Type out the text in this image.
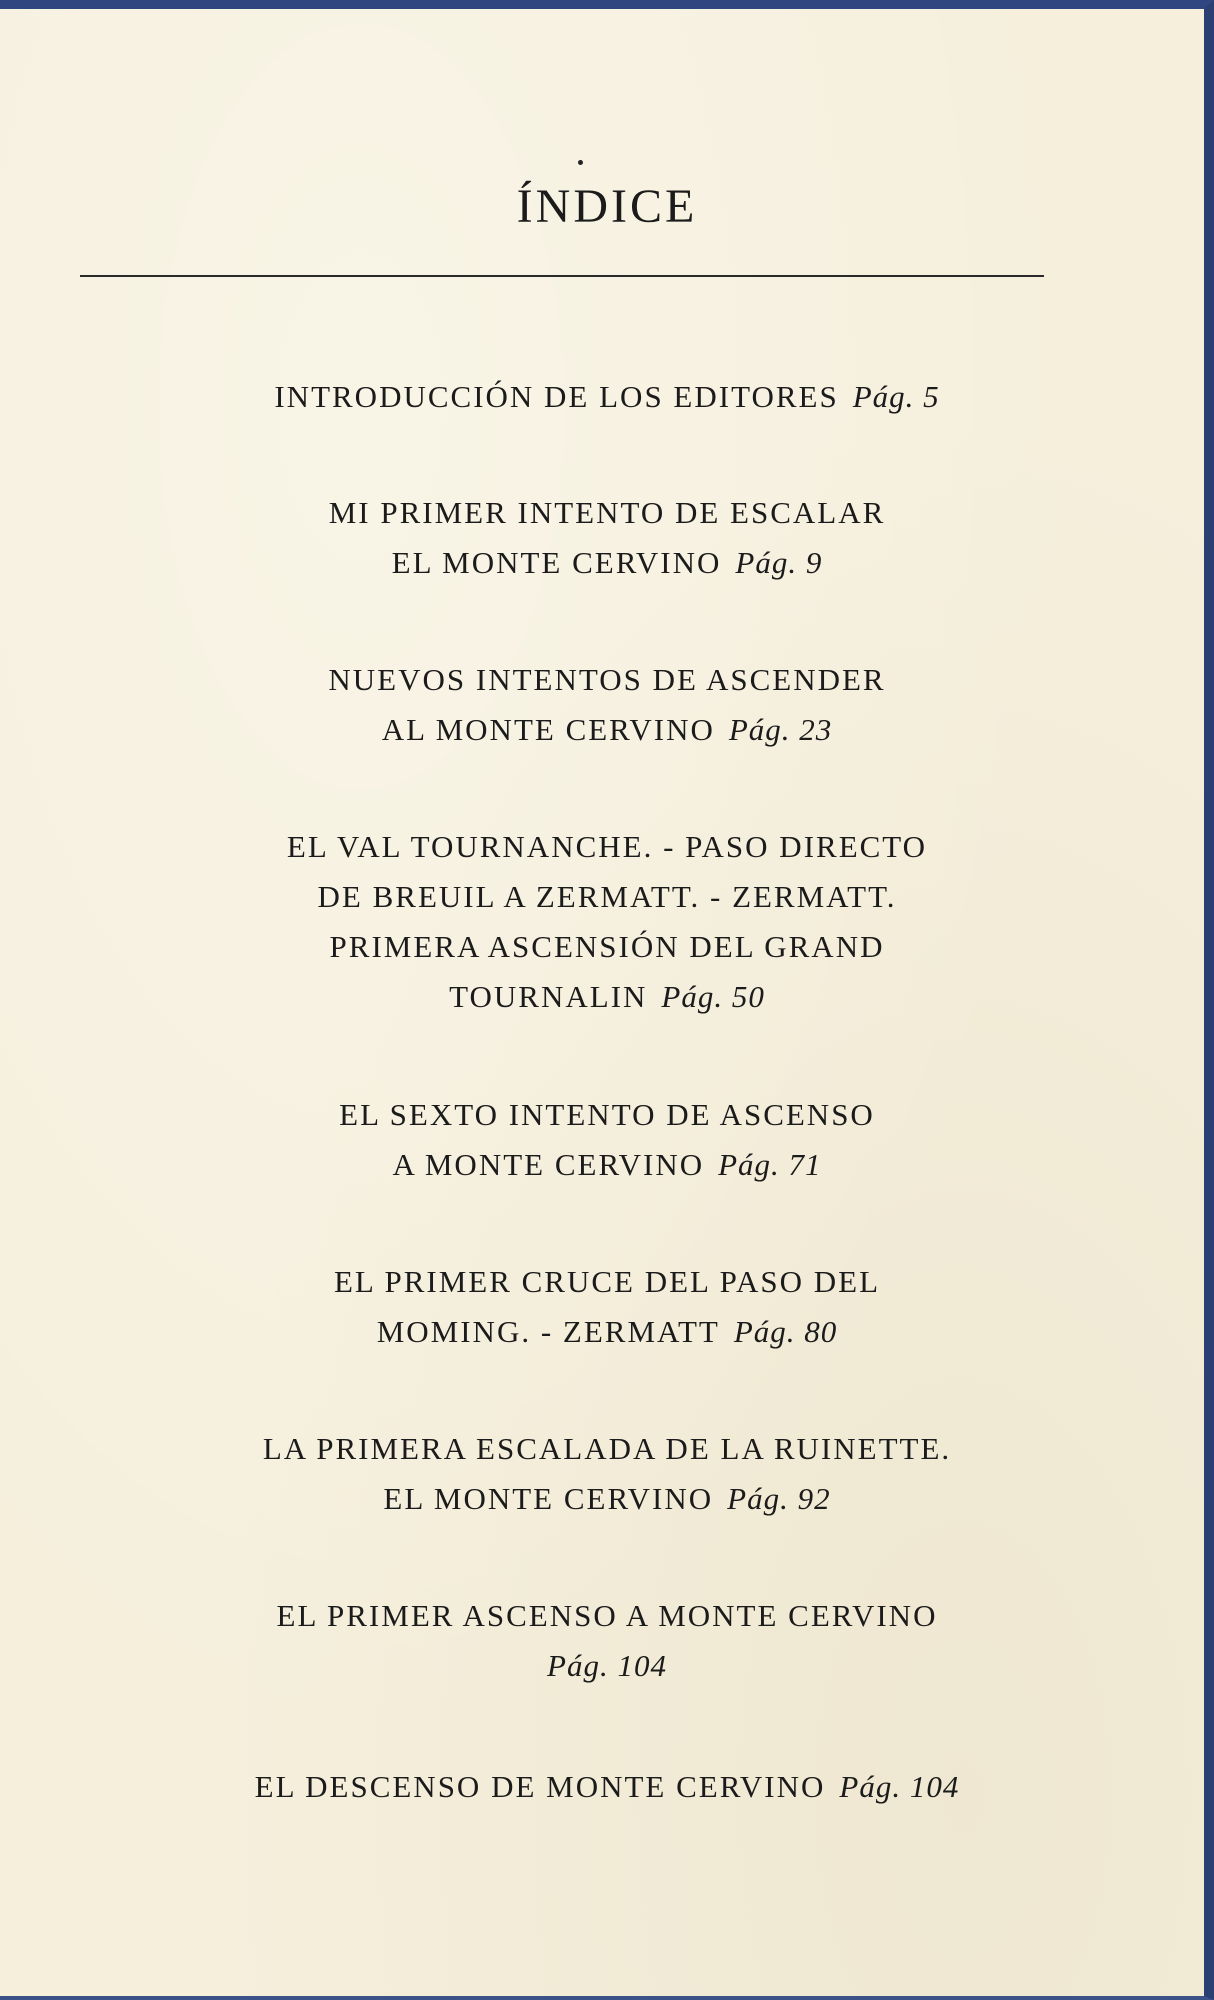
ÍNDICE
INTRODUCCIÓN DE LOS EDITORES Pág. 5
MI PRIMER INTENTO DE ESCALAR
EL MONTE CERVINO Pág. 9
NUEVOS INTENTOS DE ASCENDER
AL MONTE CERVINO Pág. 23
EL VAL TOURNANCHE. - PASO DIRECTO
DE BREUIL A ZERMATT. - ZERMATT.
PRIMERA ASCENSIÓN DEL GRAND
TOURNALIN Pág. 50
EL SEXTO INTENTO DE ASCENSO
A MONTE CERVINO Pág. 71
EL PRIMER CRUCE DEL PASO DEL
MOMING. - ZERMATT Pág. 80
LA PRIMERA ESCALADA DE LA RUINETTE.
EL MONTE CERVINO Pág. 92
EL PRIMER ASCENSO A MONTE CERVINO
Pág. 104
EL DESCENSO DE MONTE CERVINO Pág. 104
